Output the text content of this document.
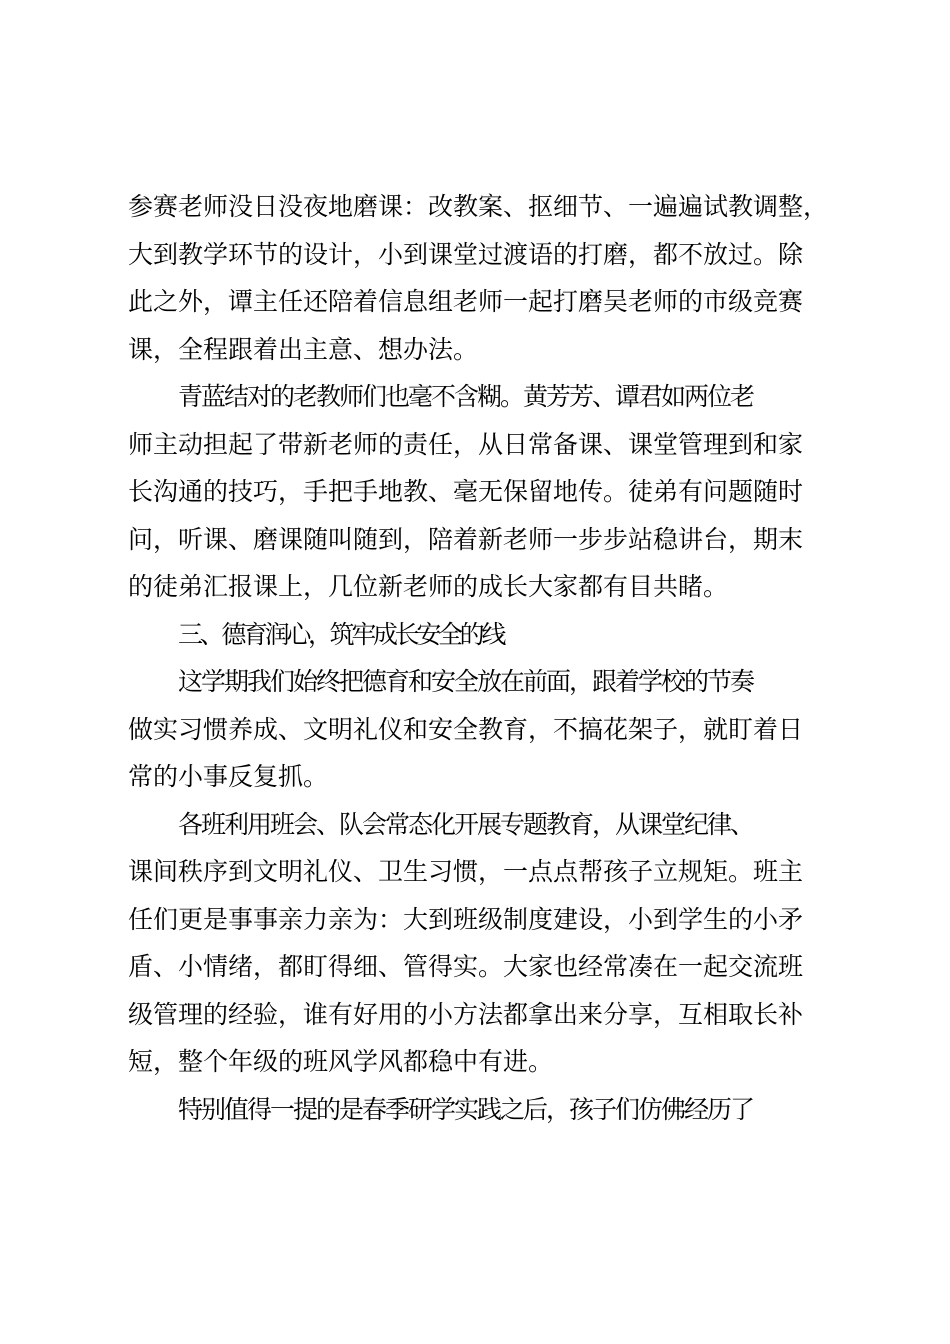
参赛老师没日没夜地磨课：改教案、抠细节、一遍遍试教调整，
大到教学环节的设计，小到课堂过渡语的打磨，都不放过。除
此之外，谭主任还陪着信息组老师一起打磨吴老师的市级竞赛
课，全程跟着出主意、想办法。

青蓝结对的老教师们也毫不含糊。黄芳芳、谭君如两位老
师主动担起了带新老师的责任，从日常备课、课堂管理到和家
长沟通的技巧，手把手地教、毫无保留地传。徒弟有问题随时
问，听课、磨课随叫随到，陪着新老师一步步站稳讲台，期末
的徒弟汇报课上，几位新老师的成长大家都有目共睹。

三、德育润心，筑牢成长安全的线

这学期我们始终把德育和安全放在前面，跟着学校的节奏
做实习惯养成、文明礼仪和安全教育，不搞花架子，就盯着日
常的小事反复抓。

各班利用班会、队会常态化开展专题教育，从课堂纪律、
课间秩序到文明礼仪、卫生习惯，一点点帮孩子立规矩。班主
任们更是事事亲力亲为：大到班级制度建设，小到学生的小矛
盾、小情绪，都盯得细、管得实。大家也经常凑在一起交流班
级管理的经验，谁有好用的小方法都拿出来分享，互相取长补
短，整个年级的班风学风都稳中有进。

特别值得一提的是春季研学实践之后，孩子们仿佛经历了
